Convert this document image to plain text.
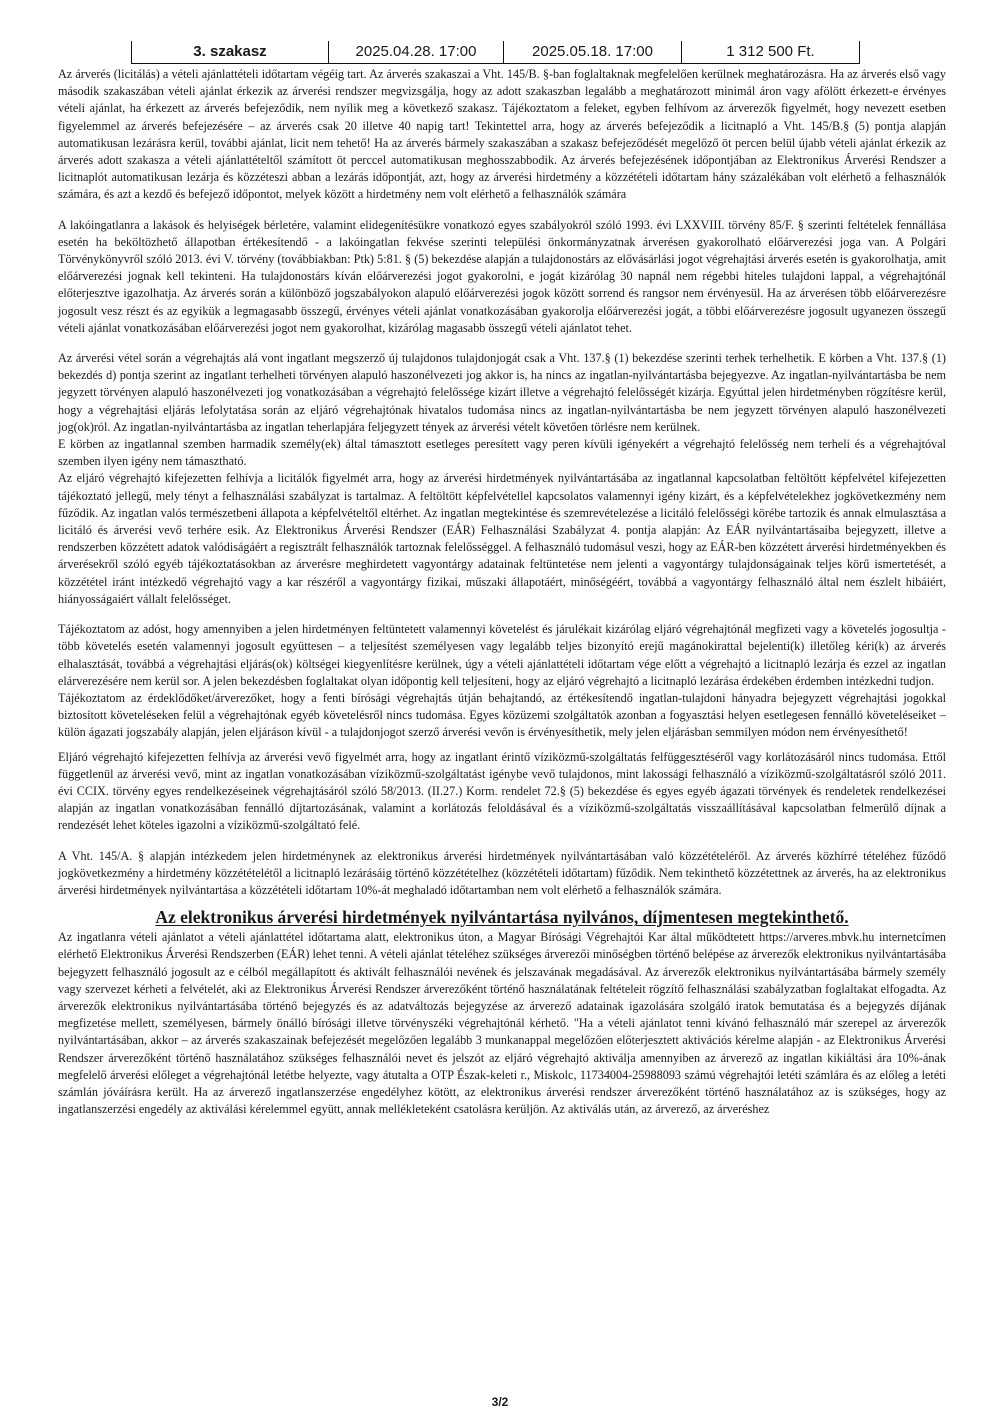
3. szakasz	2025.04.28. 17:00	2025.05.18. 17:00	1 312 500 Ft.

Az árverés (licitálás) a vételi ajánlattételi időtartam végéig tart. Az árverés szakaszai a Vht. 145/B. §-ban foglaltaknak megfelelően kerülnek meghatározásra. Ha az árverés első vagy második szakaszában vételi ajánlat érkezik az árverési rendszer megvizsgálja, hogy az adott szakaszban legalább a meghatározott minimál áron vagy afölött érkezett-e érvényes vételi ajánlat, ha érkezett az árverés befejeződik, nem nyílik meg a következő szakasz. Tájékoztatom a feleket, egyben felhívom az árverezők figyelmét, hogy nevezett esetben figyelemmel az árverés befejezésére – az árverés csak 20 illetve 40 napig tart! Tekintettel arra, hogy az árverés befejeződik a licitnapló a Vht. 145/B.§ (5) pontja alapján automatikusan lezárásra kerül, további ajánlat, licit nem tehető! Ha az árverés bármely szakaszában a szakasz befejeződését megelőző öt percen belül újabb vételi ajánlat érkezik az árverés adott szakasza a vételi ajánlattételtől számított öt perccel automatikusan meghosszabbodik. Az árverés befejezésének időpontjában az Elektronikus Árverési Rendszer a licitnaplót automatikusan lezárja és közzéteszi abban a lezárás időpontját, azt, hogy az árverési hirdetmény a közzétételi időtartam hány százalékában volt elérhető a felhasználók számára, és azt a kezdő és befejező időpontot, melyek között a hirdetmény nem volt elérhető a felhasználók számára

A lakóingatlanra a lakások és helyiségek bérletére, valamint elidegenítésükre vonatkozó egyes szabályokról szóló 1993. évi LXXVIII. törvény 85/F. § szerinti feltételek fennállása esetén ha beköltözhető állapotban értékesítendő - a lakóingatlan fekvése szerinti települési önkormányzatnak árverésen gyakorolható előárverezési joga van. A Polgári Törvénykönyvről szóló 2013. évi V. törvény (továbbiakban: Ptk) 5:81. § (5) bekezdése alapján a tulajdonostárs az elővásárlási jogot végrehajtási árverés esetén is gyakorolhatja, amit előárverezési jognak kell tekinteni. Ha tulajdonostárs kíván előárverezési jogot gyakorolni, e jogát kizárólag 30 napnál nem régebbi hiteles tulajdoni lappal, a végrehajtónál előterjesztve igazolhatja. Az árverés során a különböző jogszabályokon alapuló előárverezési jogok között sorrend és rangsor nem érvényesül. Ha az árverésen több előárverezésre jogosult vesz részt és az egyikük a legmagasabb összegű, érvényes vételi ajánlat vonatkozásában gyakorolja előárverezési jogát, a többi előárverezésre jogosult ugyanezen összegű vételi ajánlat vonatkozásában előárverezési jogot nem gyakorolhat, kizárólag magasabb összegű vételi ajánlatot tehet.

Az árverési vétel során a végrehajtás alá vont ingatlant megszerző új tulajdonos tulajdonjogát csak a Vht. 137.§ (1) bekezdése szerinti terhek terhelhetik. E körben a Vht. 137.§ (1) bekezdés d) pontja szerint az ingatlant terhelheti törvényen alapuló haszonélvezeti jog akkor is, ha nincs az ingatlan-nyilvántartásba bejegyezve. Az ingatlan-nyilvántartásba be nem jegyzett törvényen alapuló haszonélvezeti jog vonatkozásában a végrehajtó felelőssége kizárt illetve a végrehajtó felelősségét kizárja. Egyúttal jelen hirdetményben rögzítésre kerül, hogy a végrehajtási eljárás lefolytatása során az eljáró végrehajtónak hivatalos tudomása nincs az ingatlan-nyilvántartásba be nem jegyzett törvényen alapuló haszonélvezeti jog(ok)ról. Az ingatlan-nyilvántartásba az ingatlan teherlapjára feljegyzett tények az árverési vételt követően törlésre nem kerülnek.

E körben az ingatlannal szemben harmadik személy(ek) által támasztott esetleges peresített vagy peren kívüli igényekért a végrehajtó felelősség nem terheli és a végrehajtóval szemben ilyen igény nem támasztható.

Az eljáró végrehajtó kifejezetten felhívja a licitálók figyelmét arra, hogy az árverési hirdetmények nyilvántartásába az ingatlannal kapcsolatban feltöltött képfelvétel kifejezetten tájékoztató jellegű, mely tényt a felhasználási szabályzat is tartalmaz. A feltöltött képfelvétellel kapcsolatos valamennyi igény kizárt, és a képfelvételekhez jogkövetkezmény nem fűződik. Az ingatlan valós természetbeni állapota a képfelvételtől eltérhet. Az ingatlan megtekintése és szemrevételezése a licitáló felelősségi körébe tartozik és annak elmulasztása a licitáló és árverési vevő terhére esik. Az Elektronikus Árverési Rendszer (EÁR) Felhasználási Szabályzat 4. pontja alapján: Az EÁR nyilvántartásaiba bejegyzett, illetve a rendszerben közzétett adatok valódiságáért a regisztrált felhasználók tartoznak felelősséggel. A felhasználó tudomásul veszi, hogy az EÁR-ben közzétett árverési hirdetményekben és árverésekről szóló egyéb tájékoztatásokban az árverésre meghirdetett vagyontárgy adatainak feltüntetése nem jelenti a vagyontárgy tulajdonságainak teljes körű ismertetését, a közzététel iránt intézkedő végrehajtó vagy a kar részéről a vagyontárgy fizikai, műszaki állapotáért, minőségéért, továbbá a vagyontárgy felhasználó által nem észlelt hibáiért, hiányosságaiért vállalt felelősséget.

Tájékoztatom az adóst, hogy amennyiben a jelen hirdetményen feltüntetett valamennyi követelést és járulékait kizárólag eljáró végrehajtónál megfizeti vagy a követelés jogosultja - több követelés esetén valamennyi jogosult együttesen – a teljesítést személyesen vagy legalább teljes bizonyító erejű magánokirattal bejelenti(k) illetőleg kéri(k) az árverés elhalasztását, továbbá a végrehajtási eljárás(ok) költségei kiegyenlítésre kerülnek, úgy a vételi ajánlattételi időtartam vége előtt a végrehajtó a licitnapló lezárja és ezzel az ingatlan elárverezésére nem kerül sor. A jelen bekezdésben foglaltakat olyan időpontig kell teljesíteni, hogy az eljáró végrehajtó a licitnapló lezárása érdekében érdemben intézkedni tudjon.

Tájékoztatom az érdeklődőket/árverezőket, hogy a fenti bírósági végrehajtás útján behajtandó, az értékesítendő ingatlan-tulajdoni hányadra bejegyzett végrehajtási jogokkal biztosított követeléseken felül a végrehajtónak egyéb követelésről nincs tudomása. Egyes közüzemi szolgáltatók azonban a fogyasztási helyen esetlegesen fennálló követeléseiket – külön ágazati jogszabály alapján, jelen eljáráson kívül - a tulajdonjogot szerző árverési vevőn is érvényesíthetik, mely jelen eljárásban semmilyen módon nem érvényesíthető!

Eljáró végrehajtó kifejezetten felhívja az árverési vevő figyelmét arra, hogy az ingatlant érintő víziközmű-szolgáltatás felfüggesztéséről vagy korlátozásáról nincs tudomása. Ettől függetlenül az árverési vevő, mint az ingatlan vonatkozásában víziközmű-szolgáltatást igénybe vevő tulajdonos, mint lakossági felhasználó a víziközmű-szolgáltatásról szóló 2011. évi CCIX. törvény egyes rendelkezéseinek végrehajtásáról szóló 58/2013. (II.27.) Korm. rendelet 72.§ (5) bekezdése és egyes egyéb ágazati törvények és rendeletek rendelkezései alapján az ingatlan vonatkozásában fennálló díjtartozásának, valamint a korlátozás feloldásával és a víziközmű-szolgáltatás visszaállításával kapcsolatban felmerülő díjnak a rendezését lehet köteles igazolni a víziközmű-szolgáltató felé.

A Vht. 145/A. § alapján intézkedem jelen hirdetménynek az elektronikus árverési hirdetmények nyilvántartásában való közzétételéről. Az árverés közhírré tételéhez fűződő jogkövetkezmény a hirdetmény közzétételétől a licitnapló lezárásáig történő közzétételhez (közzétételi időtartam) fűződik. Nem tekinthető közzétettnek az árverés, ha az elektronikus árverési hirdetmények nyilvántartása a közzétételi időtartam 10%-át meghaladó időtartamban nem volt elérhető a felhasználók számára.

Az elektronikus árverési hirdetmények nyilvántartása nyilvános, díjmentesen megtekinthető.

Az ingatlanra vételi ajánlatot a vételi ajánlattétel időtartama alatt, elektronikus úton, a Magyar Bírósági Végrehajtói Kar által működtetett https://arveres.mbvk.hu internetcímen elérhető Elektronikus Árverési Rendszerben (EÁR) lehet tenni. A vételi ajánlat tételéhez szükséges árverezői minőségben történő belépése az árverezők elektronikus nyilvántartásába bejegyzett felhasználó jogosult az e célból megállapított és aktivált felhasználói nevének és jelszavának megadásával. Az árverezők elektronikus nyilvántartásába bármely személy vagy szervezet kérheti a felvételét, aki az Elektronikus Árverési Rendszer árverezőként történő használatának feltételeit rögzítő felhasználási szabályzatban foglaltakat elfogadta. Az árverezők elektronikus nyilvántartásába történő bejegyzés és az adatváltozás bejegyzése az árverező adatainak igazolására szolgáló iratok bemutatása és a bejegyzés díjának megfizetése mellett, személyesen, bármely önálló bírósági illetve törvényszéki végrehajtónál kérhető. "Ha a vételi ajánlatot tenni kívánó felhasználó már szerepel az árverezők nyilvántartásában, akkor – az árverés szakaszainak befejezését megelőzően legalább 3 munkanappal megelőzően előterjesztett aktivációs kérelme alapján - az Elektronikus Árverési Rendszer árverezőként történő használatához szükséges felhasználói nevet és jelszót az eljáró végrehajtó aktiválja amennyiben az árverező az ingatlan kikiáltási ára 10%-ának megfelelő árverési előleget a végrehajtónál letétbe helyezte, vagy átutalta a OTP Észak-keleti r., Miskolc, 11734004-25988093 számú végrehajtói letéti számlára és az előleg a letéti számlán jóváírásra került. Ha az árverező ingatlanszerzése engedélyhez kötött, az elektronikus árverési rendszer árverezőként történő használatához az is szükséges, hogy az ingatlanszerzési engedély az aktiválási kérelemmel együtt, annak mellékleteként csatolásra kerüljön. Az aktiválás után, az árverező, az árveréshez

3/2
